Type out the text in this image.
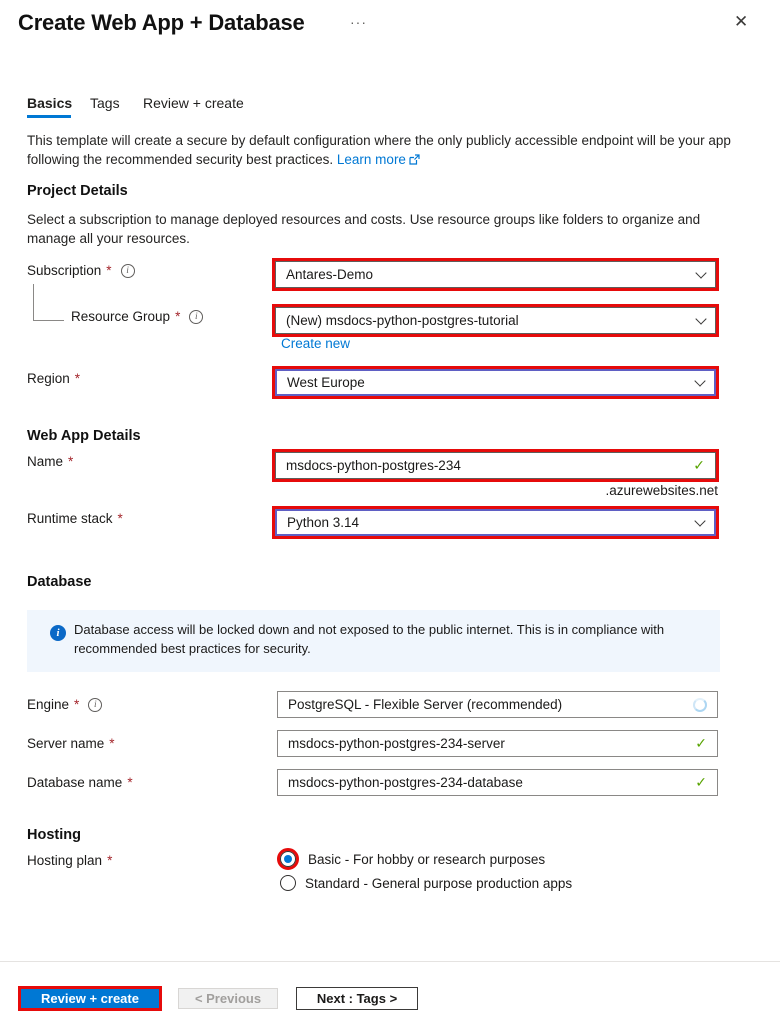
Create Web App + Database	···	✕
Basics Tags Review + create
This template will create a secure by default configuration where the only publicly accessible endpoint will be your app following the recommended security best practices. Learn more
Project Details
Select a subscription to manage deployed resources and costs. Use resource groups like folders to organize and manage all your resources.
Subscription *	i	Antares-Demo
Resource Group *	i	(New) msdocs-python-postgres-tutorial
Create new
Region *	West Europe
Web App Details
Name *	msdocs-python-postgres-234	✓
.azurewebsites.net
Runtime stack *	Python 3.14
Database
i	Database access will be locked down and not exposed to the public internet. This is in compliance with recommended best practices for security.
Engine *	i	PostgreSQL - Flexible Server (recommended)
Server name *	msdocs-python-postgres-234-server	✓
Database name *	msdocs-python-postgres-234-database	✓
Hosting
Hosting plan *	Basic - For hobby or research purposes
Standard - General purpose production apps
Review + create	< Previous	Next : Tags >
